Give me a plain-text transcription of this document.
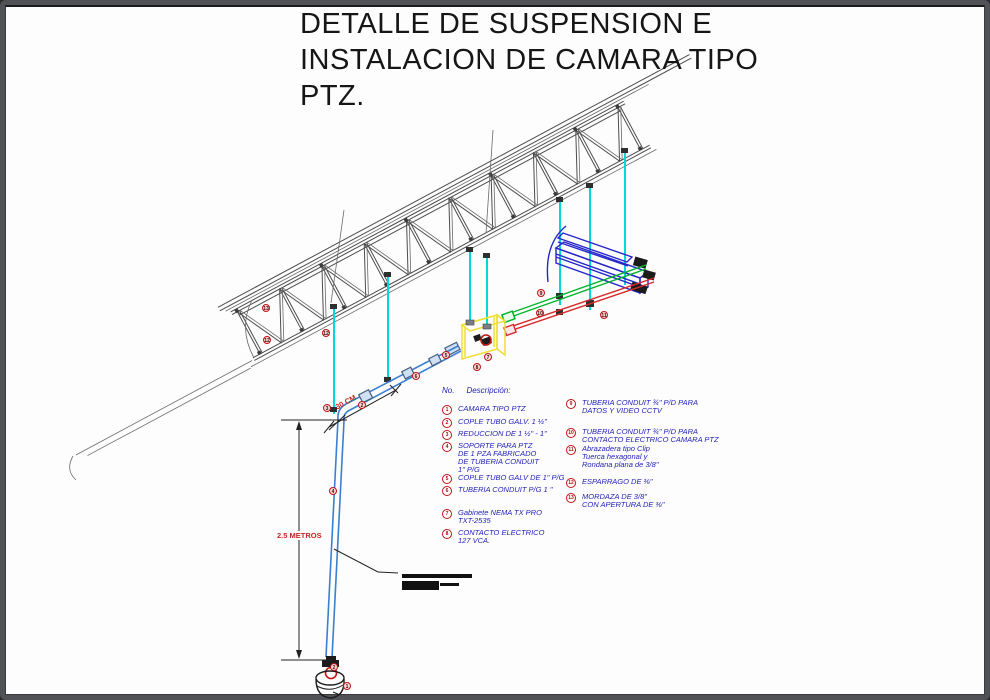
DETALLE DE SUSPENSION E
INSTALACION DE CAMARA TIPO
PTZ.
30 CM
2.5 METROS
No. Descripción:
1	CAMARA TIPO PTZ
2	COPLE TUBO GALV. 1 ½"
3	REDUCCION DE 1 ½" - 1"
4	SOPORTE PARA PTZ
DE 1 PZA FABRICADO
DE TUBERIA CONDUIT
1" P/G
5	COPLE TUBO GALV DE 1" P/G
6	TUBERIA CONDUIT P/G 1 "
7	Gabinete NEMA TX PRO
TXT-2535
8	CONTACTO ELECTRICO
127 VCA.
9	TUBERIA CONDUIT ¾" P/D PARA
DATOS Y VIDEO CCTV
10 TUBERIA CONDUIT ¾" P/D PARA
CONTACTO ELECTRICO CAMARA PTZ
11	Abrazadera tipo Clip
Tuerca hexagonal y
Rondana plana de 3/8"
12 ESPARRAGO DE ⅜"
13 MORDAZA DE 3/8"
CON APERTURA DE ⅜"
13
12
12
3	2
4
6
5	7
8
9
10	11
2
1
